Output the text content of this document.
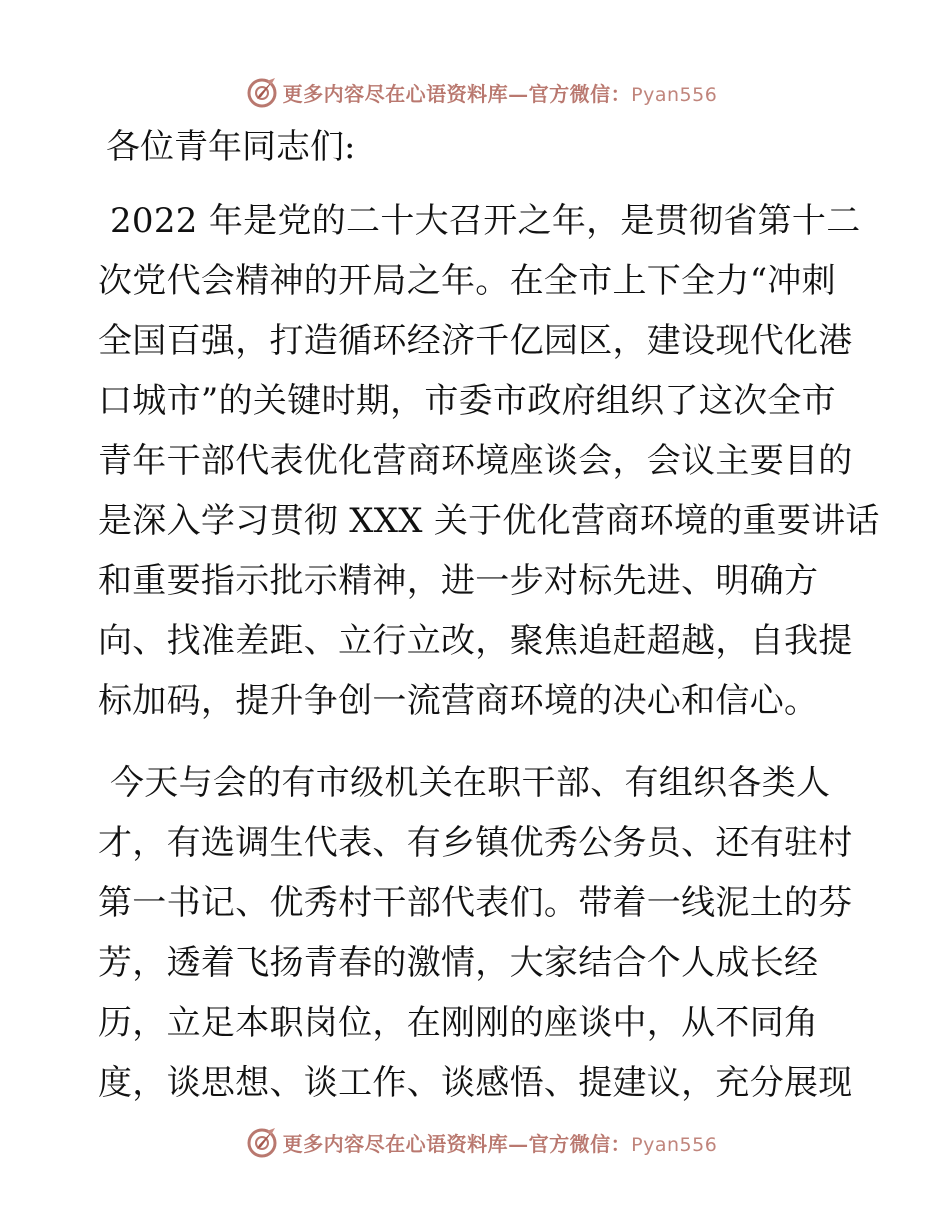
更多内容尽在心语资料库—官方微信：Pyan556

各位青年同志们:

2022 年是党的二十大召开之年，是贯彻省第十二
次党代会精神的开局之年。在全市上下全力“冲刺
全国百强，打造循环经济千亿园区，建设现代化港
口城市”的关键时期，市委市政府组织了这次全市
青年干部代表优化营商环境座谈会，会议主要目的
是深入学习贯彻 XXX 关于优化营商环境的重要讲话
和重要指示批示精神，进一步对标先进、明确方
向、找准差距、立行立改，聚焦追赶超越，自我提
标加码，提升争创一流营商环境的决心和信心。
今天与会的有市级机关在职干部、有组织各类人
才，有选调生代表、有乡镇优秀公务员、还有驻村
第一书记、优秀村干部代表们。带着一线泥土的芬
芳，透着飞扬青春的激情，大家结合个人成长经
历，立足本职岗位，在刚刚的座谈中，从不同角
度，谈思想、谈工作、谈感悟、提建议，充分展现
更多内容尽在心语资料库—官方微信：Pyan556
